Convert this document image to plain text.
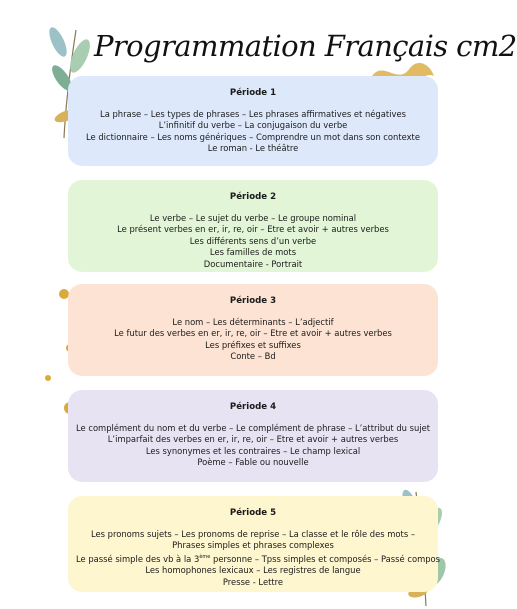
Programmation Français cm2
Période 1
La phrase – Les types de phrases – Les phrases affirmatives et négatives
L’infinitif du verbe – La conjugaison du verbe
Le dictionnaire – Les noms génériques – Comprendre un mot dans son contexte
Le roman - Le théâtre
Période 2
Le verbe – Le sujet du verbe – Le groupe nominal
Le présent verbes en er, ir, re, oir – Etre et avoir + autres verbes
Les différents sens d’un verbe
Les familles de mots
Documentaire - Portrait
Période 3
Le nom – Les déterminants – L’adjectif
Le futur des verbes en er, ir, re, oir – Etre et avoir + autres verbes
Les préfixes et suffixes
Conte – Bd
Période 4
Le complément du nom et du verbe – Le complément de phrase – L’attribut du sujet
L’imparfait des verbes en er, ir, re, oir – Etre et avoir + autres verbes
Les synonymes et les contraires – Le champ lexical
Poème – Fable ou nouvelle
Période 5
Les pronoms sujets – Les pronoms de reprise – La classe et le rôle des mots – Phrases simples et phrases complexes
Le passé simple des vb à la 3ème personne – Tpss simples et composés – Passé compos
Les homophones lexicaux – Les registres de langue
Presse - Lettre
